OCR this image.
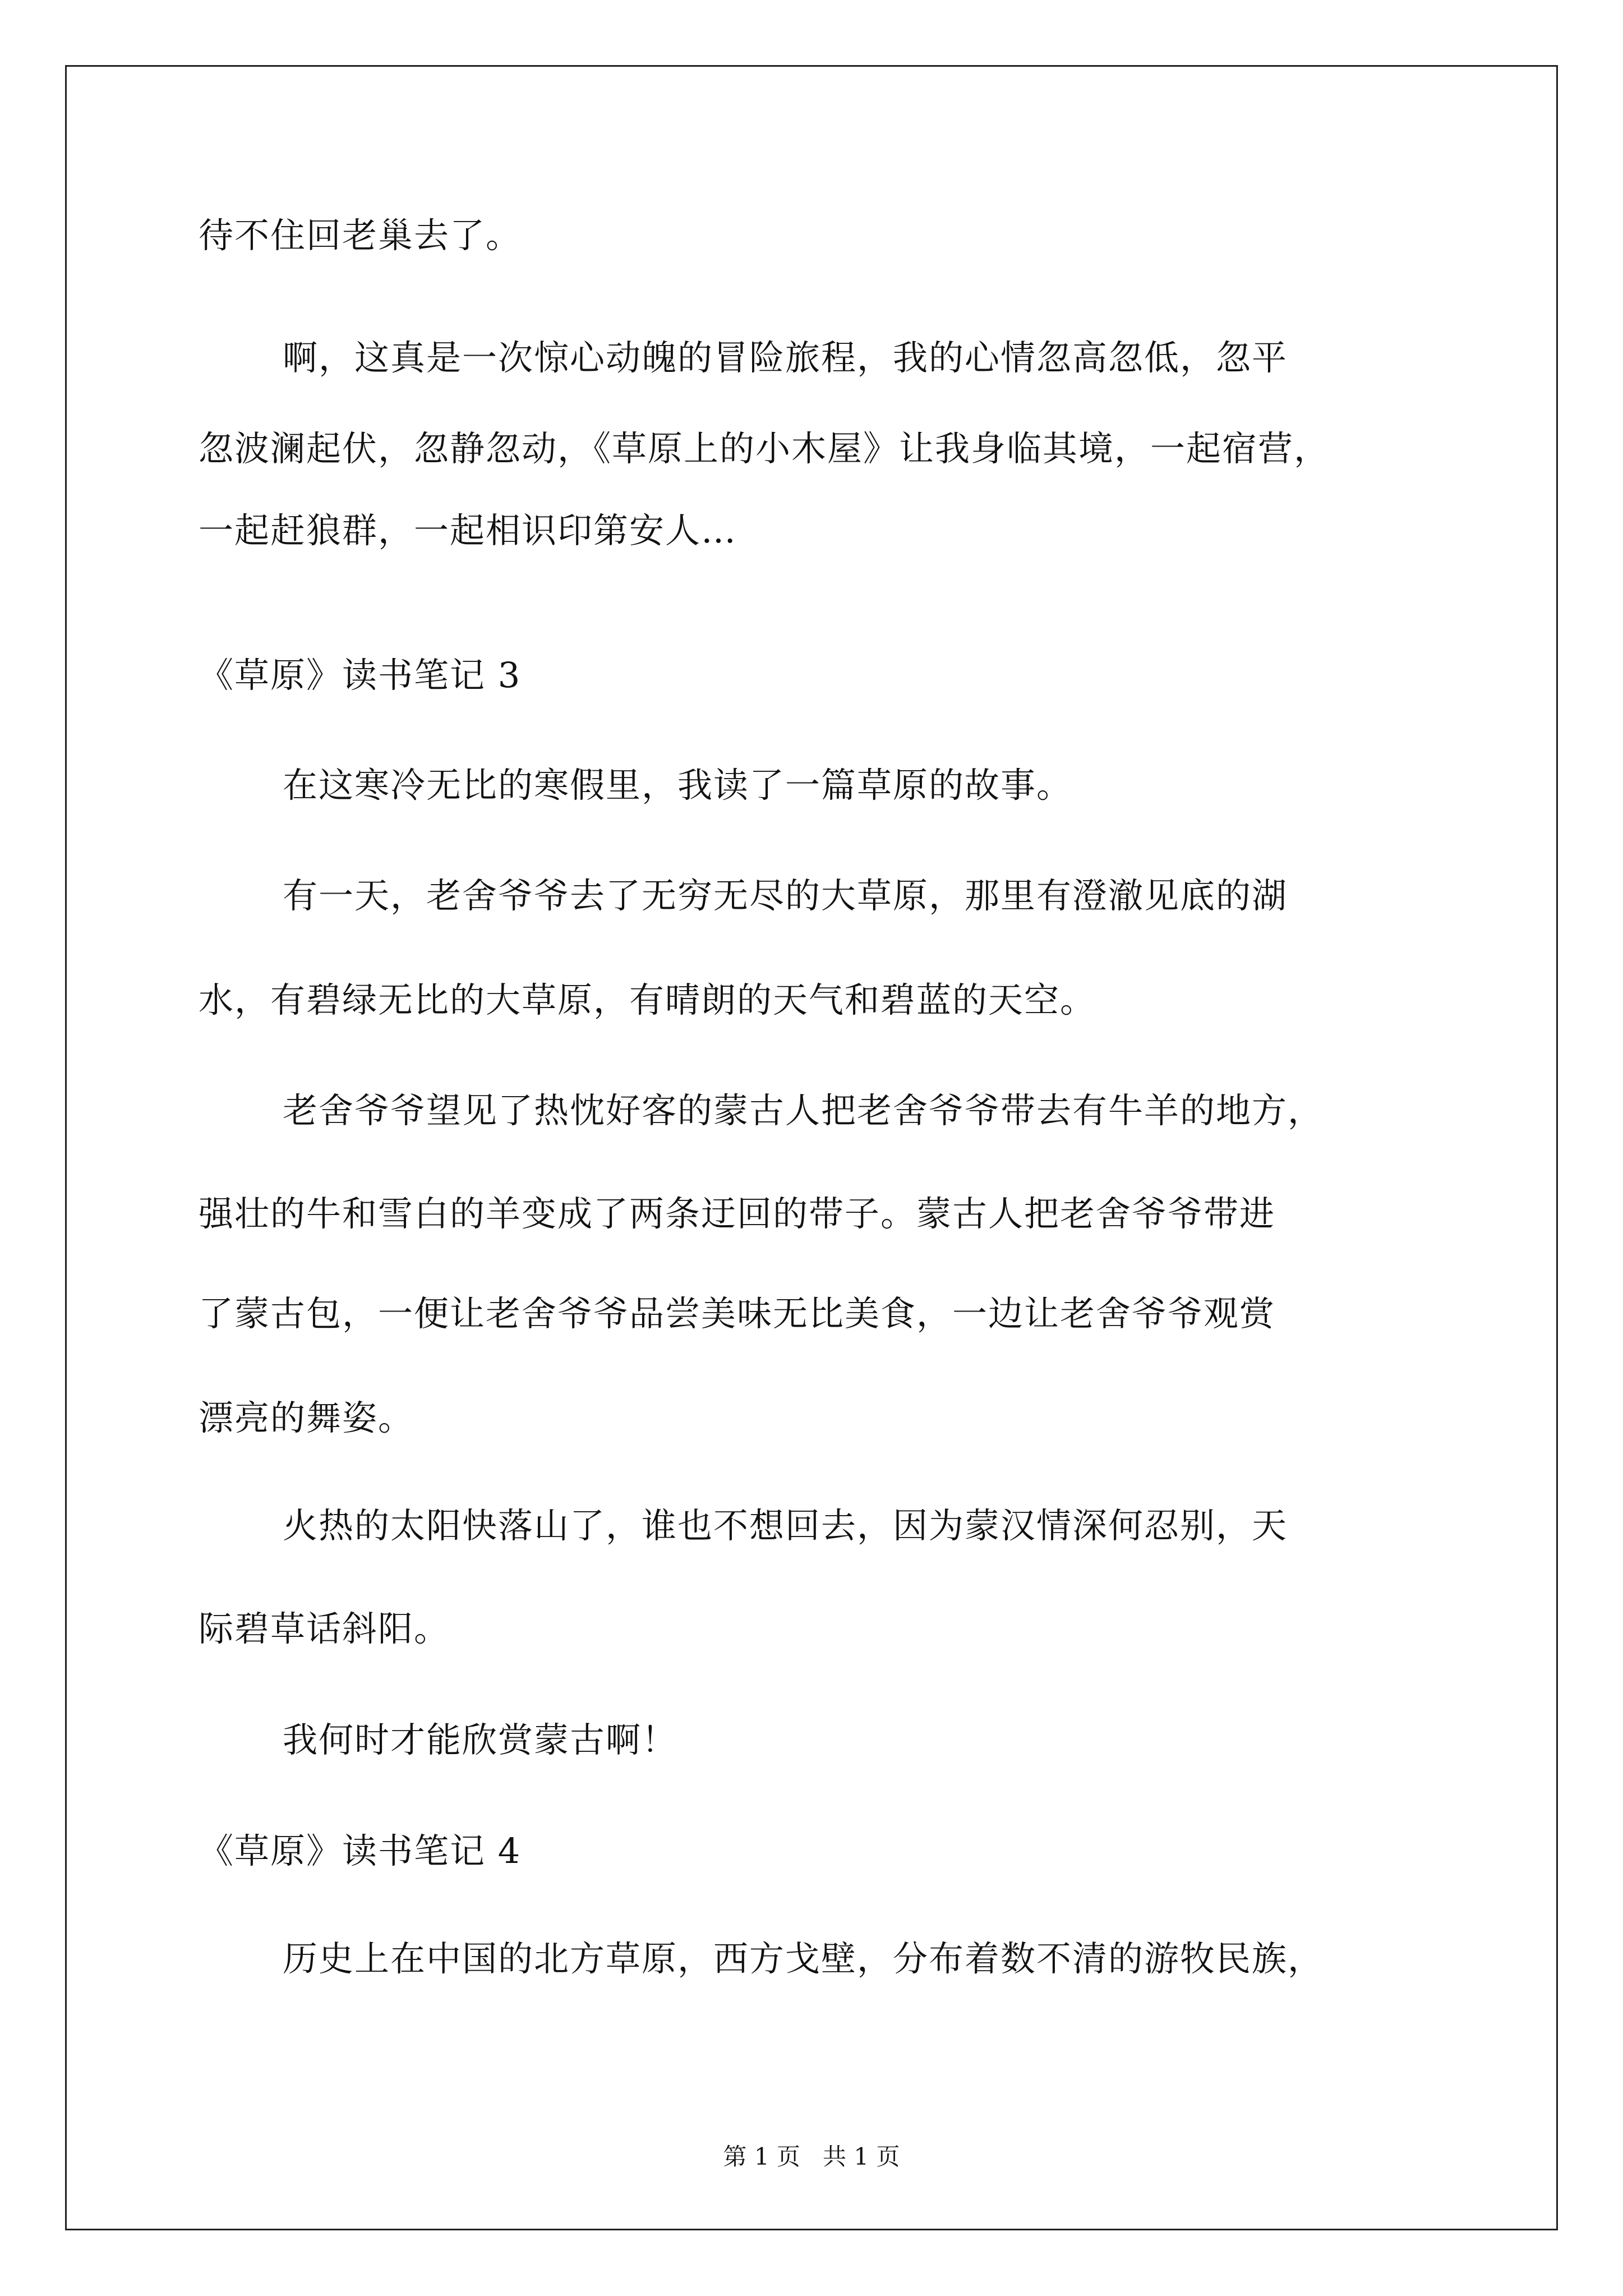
待不住回老巢去了。
啊，这真是一次惊心动魄的冒险旅程，我的心情忽高忽低，忽平
忽波澜起伏，忽静忽动，《草原上的小木屋》让我身临其境，一起宿营，
一起赶狼群，一起相识印第安人…
《草原》读书笔记 3
在这寒冷无比的寒假里，我读了一篇草原的故事。
有一天，老舍爷爷去了无穷无尽的大草原，那里有澄澈见底的湖
水，有碧绿无比的大草原，有晴朗的天气和碧蓝的天空。
老舍爷爷望见了热忱好客的蒙古人把老舍爷爷带去有牛羊的地方，
强壮的牛和雪白的羊变成了两条迂回的带子。蒙古人把老舍爷爷带进
了蒙古包，一便让老舍爷爷品尝美味无比美食，一边让老舍爷爷观赏
漂亮的舞姿。
火热的太阳快落山了，谁也不想回去，因为蒙汉情深何忍别，天
际碧草话斜阳。
我何时才能欣赏蒙古啊！
《草原》读书笔记 4
历史上在中国的北方草原，西方戈壁，分布着数不清的游牧民族，
第 1 页   共 1 页
